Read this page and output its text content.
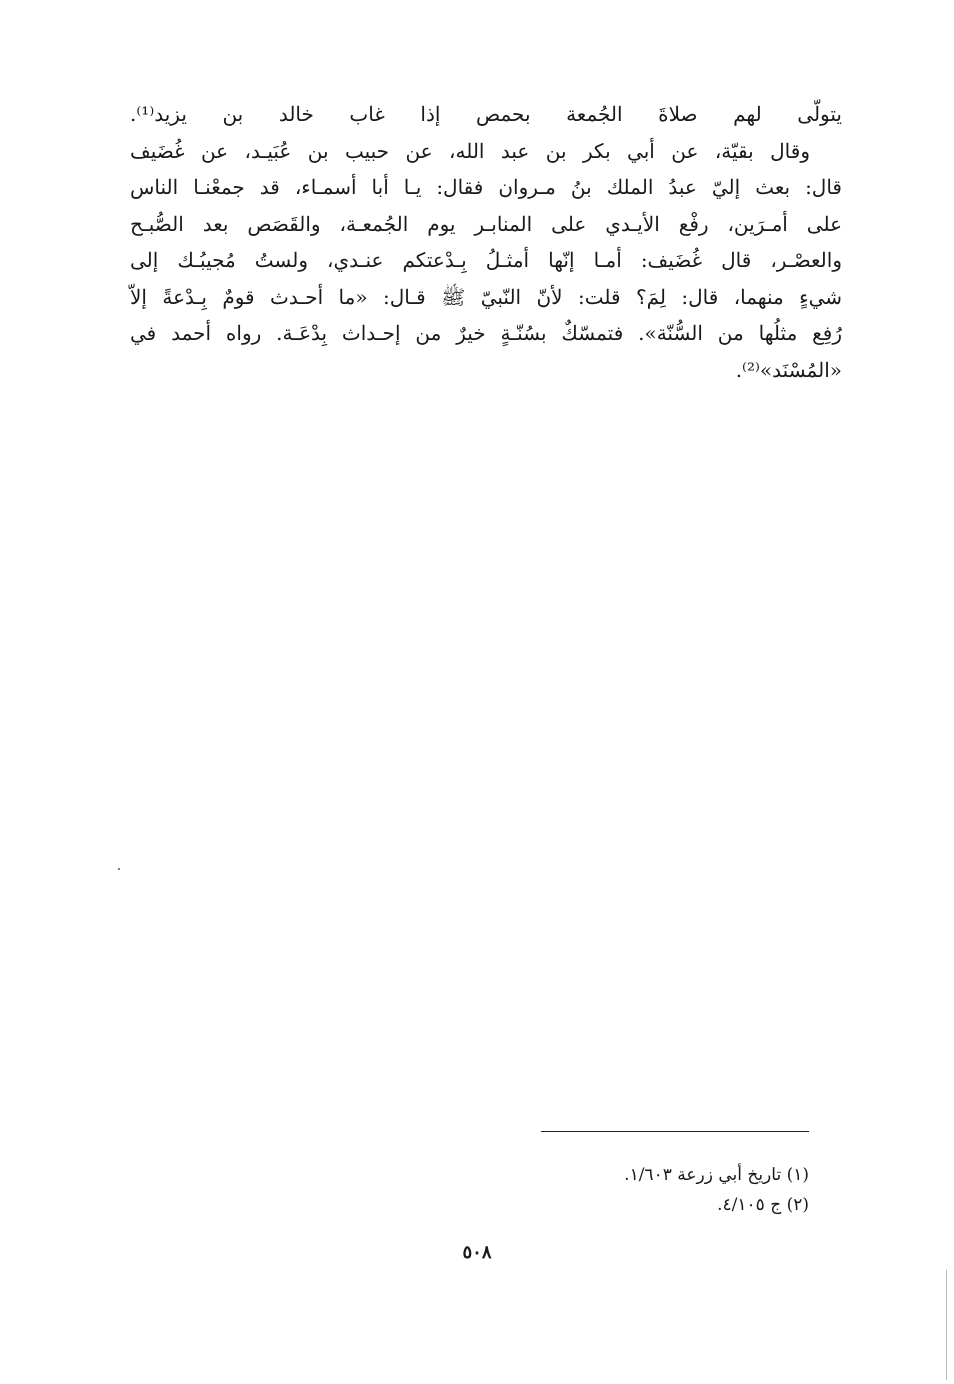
يتولّى لهم صلاةَ الجُمعة بحمص إذا غاب خالد بن يزيد⁽¹⁾.
وقال بقيّة، عن أبي بكر بن عبد الله، عن حبيب بن عُبَيـد، عن غُضَيف
قال: بعث إليّ عبدُ الملك بنُ مـروان فقال: يـا أبا أسمـاء، قد جمعْنـا الناس
على أمـرَين، رفْع الأيـدي على المنابـر يوم الجُمعـة، والقَصَص بعد الصُّبـح
والعصْـر، قال غُضَيف: أمـا إنّها أمثـلُ بِـدْعتكم عنـدي، ولستُ مُجيبُـك إلى
شيءٍ منهما، قال: لِمَ؟ قلت: لأنّ النّبيّ ﷺ قـال: «ما أحـدث قومٌ بِـدْعةً إلاّ
رُفِع مثلُها من السُّنّة». فتمسّكٌ بسُنّـةٍ خيرٌ من إحـداث بِدْعَـة. رواه أحمد في
«المُسْنَد»⁽²⁾.
(١) تاريخ أبي زرعة ١/٦٠٣.
(٢) ج ٤/١٠٥.
٥٠٨
